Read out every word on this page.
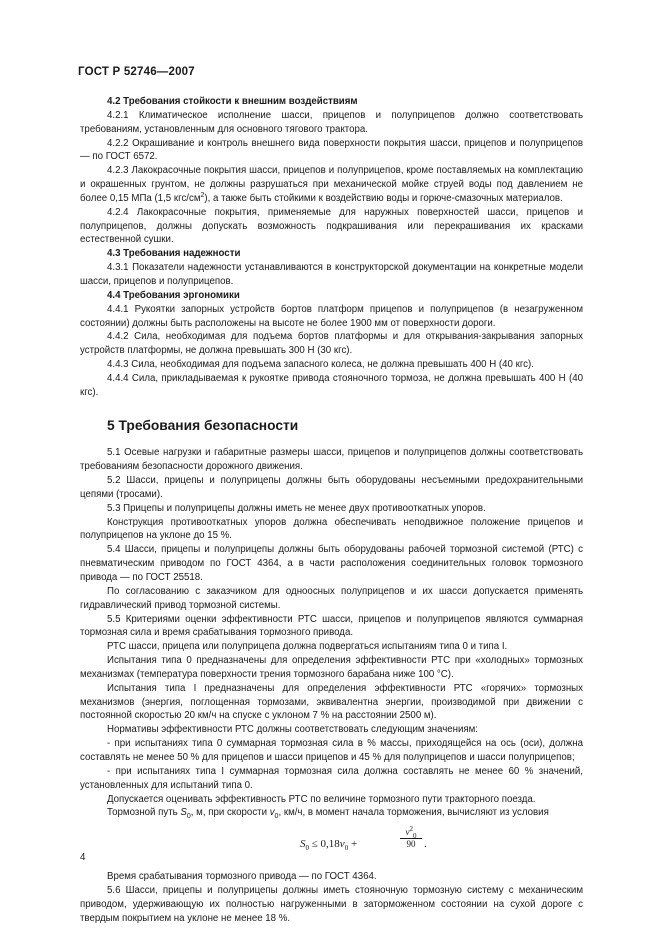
ГОСТ Р 52746—2007

4.2 Требования стойкости к внешним воздействиям

4.2.1 Климатическое исполнение шасси, прицепов и полуприцепов должно соответствовать требованиям, установленным для основного тягового трактора.

4.2.2 Окрашивание и контроль внешнего вида поверхности покрытия шасси, прицепов и полуприцепов — по ГОСТ 6572.

4.2.3 Лакокрасочные покрытия шасси, прицепов и полуприцепов, кроме поставляемых на комплектацию и окрашенных грунтом, не должны разрушаться при механической мойке струей воды под давлением не более 0,15 МПа (1,5 кгс/$см^2$), а также быть стойкими к воздействию воды и горюче-смазочных материалов.

4.2.4 Лакокрасочные покрытия, применяемые для наружных поверхностей шасси, прицепов и полуприцепов, должны допускать возможность подкрашивания или перекрашивания их красками естественной сушки.

4.3 Требования надежности

4.3.1 Показатели надежности устанавливаются в конструкторской документации на конкретные модели шасси, прицепов и полуприцепов.

4.4 Требования эргономики

4.4.1 Рукоятки запорных устройств бортов платформ прицепов и полуприцепов (в незагруженном состоянии) должны быть расположены на высоте не более 1900 мм от поверхности дороги.

4.4.2 Сила, необходимая для подъема бортов платформы и для открывания-закрывания запорных устройств платформы, не должна превышать 300 Н (30 кгс).

4.4.3 Сила, необходимая для подъема запасного колеса, не должна превышать 400 Н (40 кгс).

4.4.4 Сила, прикладываемая к рукоятке привода стояночного тормоза, не должна превышать 400 Н (40 кгс).

5 Требования безопасности

5.1 Осевые нагрузки и габаритные размеры шасси, прицепов и полуприцепов должны соответствовать требованиям безопасности дорожного движения.

5.2 Шасси, прицепы и полуприцепы должны быть оборудованы несъемными предохранительными цепями (тросами).

5.3 Прицепы и полуприцепы должны иметь не менее двух противооткатных упоров.

Конструкция противооткатных упоров должна обеспечивать неподвижное положение прицепов и полуприцепов на уклоне до 15 %.

5.4 Шасси, прицепы и полуприцепы должны быть оборудованы рабочей тормозной системой (РТС) с пневматическим приводом по ГОСТ 4364, а в части расположения соединительных головок тормозного привода — по ГОСТ 25518.

По согласованию с заказчиком для одноосных полуприцепов и их шасси допускается применять гидравлический привод тормозной системы.

5.5 Критериями оценки эффективности РТС шасси, прицепов и полуприцепов являются суммарная тормозная сила и время срабатывания тормозного привода.

РТС шасси, прицепа или полуприцепа должна подвергаться испытаниям типа 0 и типа I.

Испытания типа 0 предназначены для определения эффективности РТС при «холодных» тормозных механизмах (температура поверхности трения тормозного барабана ниже 100 °С).

Испытания типа I предназначены для определения эффективности РТС «горячих» тормозных механизмов (энергия, поглощенная тормозами, эквивалентна энергии, производимой при движении с постоянной скоростью 20 км/ч на спуске с уклоном 7 % на расстоянии 2500 м).

Нормативы эффективности РТС должны соответствовать следующим значениям:

- при испытаниях типа 0 суммарная тормозная сила в % массы, приходящейся на ось (оси), должна составлять не менее 50 % для прицепов и шасси прицепов и 45 % для полуприцепов и шасси полуприцепов;

- при испытаниях типа I суммарная тормозная сила должна составлять не менее 60 % значений, установленных для испытаний типа 0.

Допускается оценивать эффективность РТС по величине тормозного пути тракторного поезда.

Тормозной путь $S_0$, м, при скорости $v_0$, км/ч, в момент начала торможения, вычисляют из условия

$S_0 \le 0,18v_0$ +	$\frac{v^2_0}{90}$ .

Время срабатывания тормозного привода — по ГОСТ 4364.

5.6 Шасси, прицепы и полуприцепы должны иметь стояночную тормозную систему с механическим приводом, удерживающую их полностью нагруженными в заторможенном состоянии на сухой дороге с твердым покрытием на уклоне не менее 18 %.

4
